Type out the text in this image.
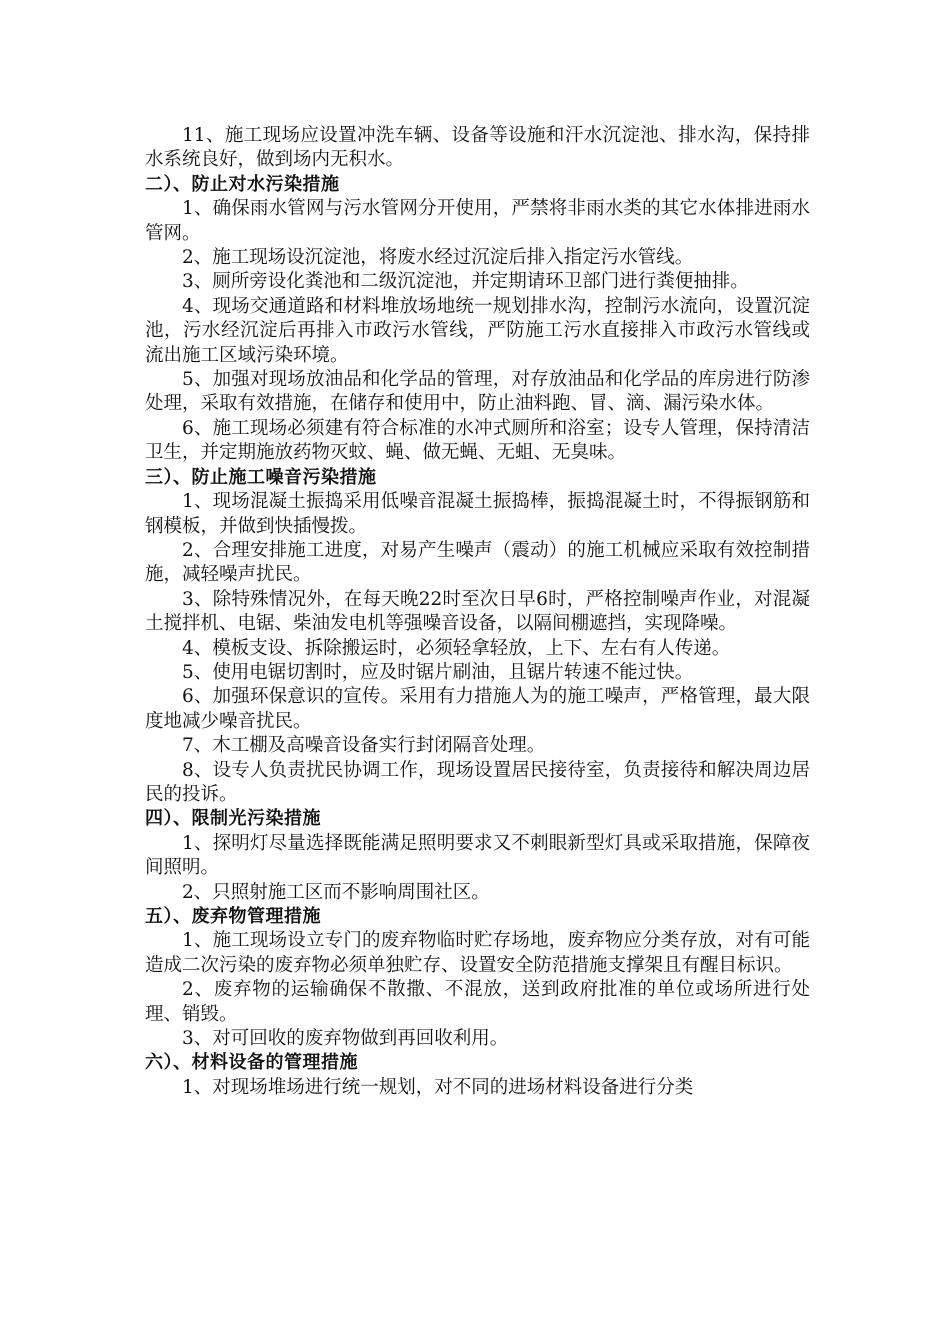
11、施工现场应设置冲洗车辆、设备等设施和汗水沉淀池、排水沟，保持排水系统良好，做到场内无积水。

二）、防止对水污染措施

1、确保雨水管网与污水管网分开使用，严禁将非雨水类的其它水体排进雨水管网。

2、施工现场设沉淀池，将废水经过沉淀后排入指定污水管线。

3、厕所旁设化粪池和二级沉淀池，并定期请环卫部门进行粪便抽排。

4、现场交通道路和材料堆放场地统一规划排水沟，控制污水流向，设置沉淀池，污水经沉淀后再排入市政污水管线，严防施工污水直接排入市政污水管线或流出施工区域污染环境。

5、加强对现场放油品和化学品的管理，对存放油品和化学品的库房进行防渗处理，采取有效措施，在储存和使用中，防止油料跑、冒、滴、漏污染水体。

6、施工现场必须建有符合标准的水冲式厕所和浴室；设专人管理，保持清洁卫生，并定期施放药物灭蚊、蝇、做无蝇、无蛆、无臭味。

三）、防止施工噪音污染措施

1、现场混凝土振捣采用低噪音混凝土振捣棒，振捣混凝土时，不得振钢筋和钢模板，并做到快插慢拨。

2、合理安排施工进度，对易产生噪声（震动）的施工机械应采取有效控制措施，减轻噪声扰民。

3、除特殊情况外，在每天晚22时至次日早6时，严格控制噪声作业，对混凝土搅拌机、电锯、柴油发电机等强噪音设备，以隔间棚遮挡，实现降噪。

4、模板支设、拆除搬运时，必须轻拿轻放，上下、左右有人传递。

5、使用电锯切割时，应及时锯片刷油，且锯片转速不能过快。

6、加强环保意识的宣传。采用有力措施人为的施工噪声，严格管理，最大限度地减少噪音扰民。

7、木工棚及高噪音设备实行封闭隔音处理。

8、设专人负责扰民协调工作，现场设置居民接待室，负责接待和解决周边居民的投诉。

四）、限制光污染措施

1、探明灯尽量选择既能满足照明要求又不刺眼新型灯具或采取措施，保障夜间照明。

2、只照射施工区而不影响周围社区。

五）、废弃物管理措施

1、施工现场设立专门的废弃物临时贮存场地，废弃物应分类存放，对有可能造成二次污染的废弃物必须单独贮存、设置安全防范措施支撑架且有醒目标识。

2、废弃物的运输确保不散撒、不混放，送到政府批准的单位或场所进行处理、销毁。

3、对可回收的废弃物做到再回收利用。

六）、材料设备的管理措施

1、对现场堆场进行统一规划，对不同的进场材料设备进行分类
